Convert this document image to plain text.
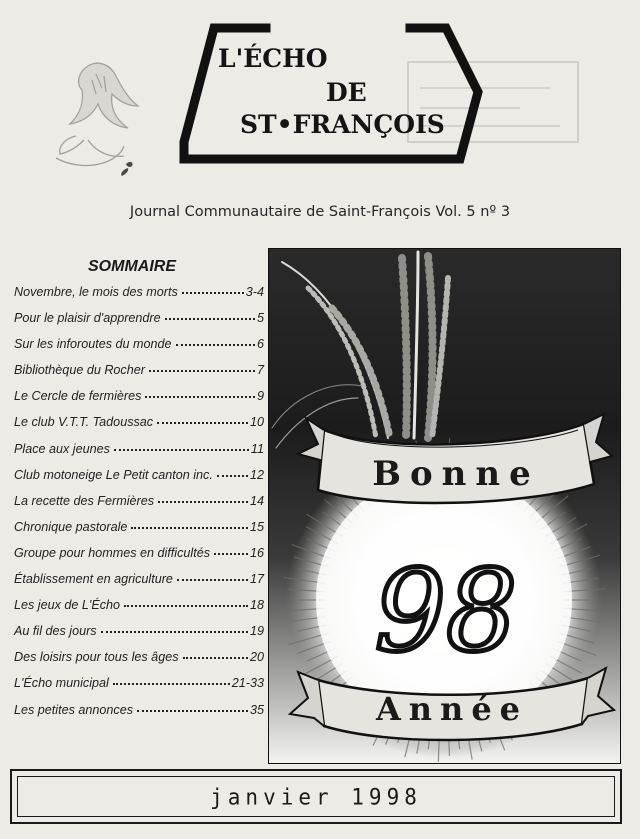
L'ÉCHO
DE
ST•FRANÇOIS
Journal Communautaire de Saint-François Vol. 5 nº 3
SOMMAIRE
Novembre, le mois des morts	3-4
Pour le plaisir d'apprendre	5
Sur les inforoutes du monde	6
Bibliothèque du Rocher	7
Le Cercle de fermières	9
Le club V.T.T. Tadoussac	10
Place aux jeunes	11
Club motoneige Le Petit canton inc.	12
La recette des Fermières	14
Chronique pastorale	15
Groupe pour hommes en difficultés	16
Établissement en agriculture	17
Les jeux de L'Écho	18
Au fil des jours	19
Des loisirs pour tous les âges	20
L'Écho municipal	21-33
Les petites annonces	35
Bonne
98
Année
janvier 1998
